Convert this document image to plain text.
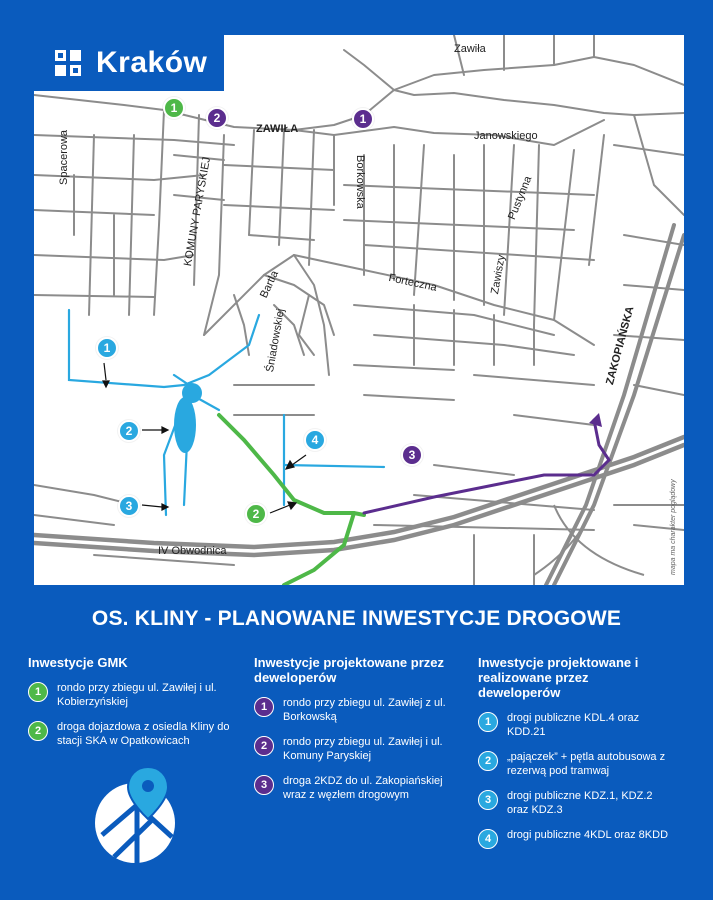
Zawiła
ZAWIŁA
Janowskiego
Spacerowa	KOMUNY PARYSKIEJ	Borkowska	Pustynna
Zawiszy
Forteczna
Bartla
Śniadowskiej	ZAKOPIAŃSKA
IV Obwodnica	mapa ma charakter poglądowy
1
2	1
1
2
4
3
2
3
Kraków
OS. KLINY - PLANOWANE INWESTYCJE DROGOWE
Inwestycje GMK
1	rondo przy zbiegu ul. Zawiłej i ul. Kobierzyńskiej
2	droga dojazdowa z osiedla Kliny do stacji SKA w Opatkowicach
Inwestycje projektowane przez deweloperów
1	rondo przy zbiegu ul. Zawiłej z ul. Borkowską
2	rondo przy zbiegu ul. Zawiłej i ul. Komuny Paryskiej
3	droga 2KDZ do ul. Zakopiańskiej wraz z węzłem drogowym
Inwestycje projektowane i realizowane przez deweloperów
1	drogi publiczne KDL.4 oraz KDD.21
2	„pajączek” + pętla autobusowa z rezerwą pod tramwaj
3	drogi publiczne KDZ.1, KDZ.2 oraz KDZ.3
4	drogi publiczne 4KDL oraz 8KDD
